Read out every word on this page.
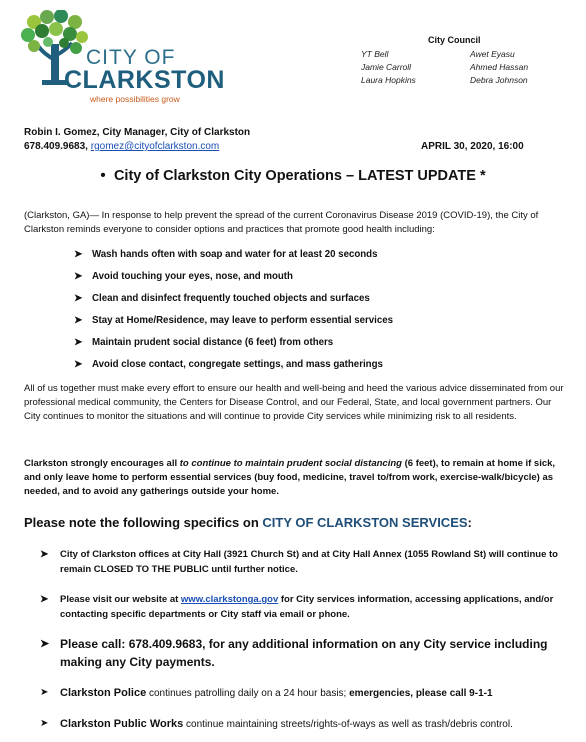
CITY OF
CLARKSTON
where possibilities grow
City Council
YT Bell	Awet Eyasu
Jamie Carroll	Ahmed Hassan
Laura Hopkins	Debra Johnson
Robin I. Gomez, City Manager, City of Clarkston
678.409.9683, rgomez@cityofclarkston.com	APRIL 30, 2020, 16:00
•  City of Clarkston City Operations – LATEST UPDATE *
(Clarkston, GA)— In response to help prevent the spread of the current Coronavirus Disease 2019 (COVID-19), the City of Clarkston reminds everyone to consider options and practices that promote good health including:
➤ Wash hands often with soap and water for at least 20 seconds
➤ Avoid touching your eyes, nose, and mouth
➤ Clean and disinfect frequently touched objects and surfaces
➤ Stay at Home/Residence, may leave to perform essential services
➤ Maintain prudent social distance (6 feet) from others
➤ Avoid close contact, congregate settings, and mass gatherings
All of us together must make every effort to ensure our health and well-being and heed the various advice disseminated from our professional medical community, the Centers for Disease Control, and our Federal, State, and local government partners. Our City continues to monitor the situations and will continue to provide City services while minimizing risk to all residents.
Clarkston strongly encourages all to continue to maintain prudent social distancing (6 feet), to remain at home if sick, and only leave home to perform essential services (buy food, medicine, travel to/from work, exercise-walk/bicycle) as needed, and to avoid any gatherings outside your home.
Please note the following specifics on CITY OF CLARKSTON SERVICES:
➤	City of Clarkston offices at City Hall (3921 Church St) and at City Hall Annex (1055 Rowland St) will continue to remain CLOSED TO THE PUBLIC until further notice.
➤	Please visit our website at www.clarkstonga.gov for City services information, accessing applications, and/or contacting specific departments or City staff via email or phone.
➤ Please call: 678.409.9683, for any additional information on any City service including making any City payments.
➤	Clarkston Police continues patrolling daily on a 24 hour basis; emergencies, please call 9-1-1
➤	Clarkston Public Works continue maintaining streets/rights-of-ways as well as trash/debris control.
